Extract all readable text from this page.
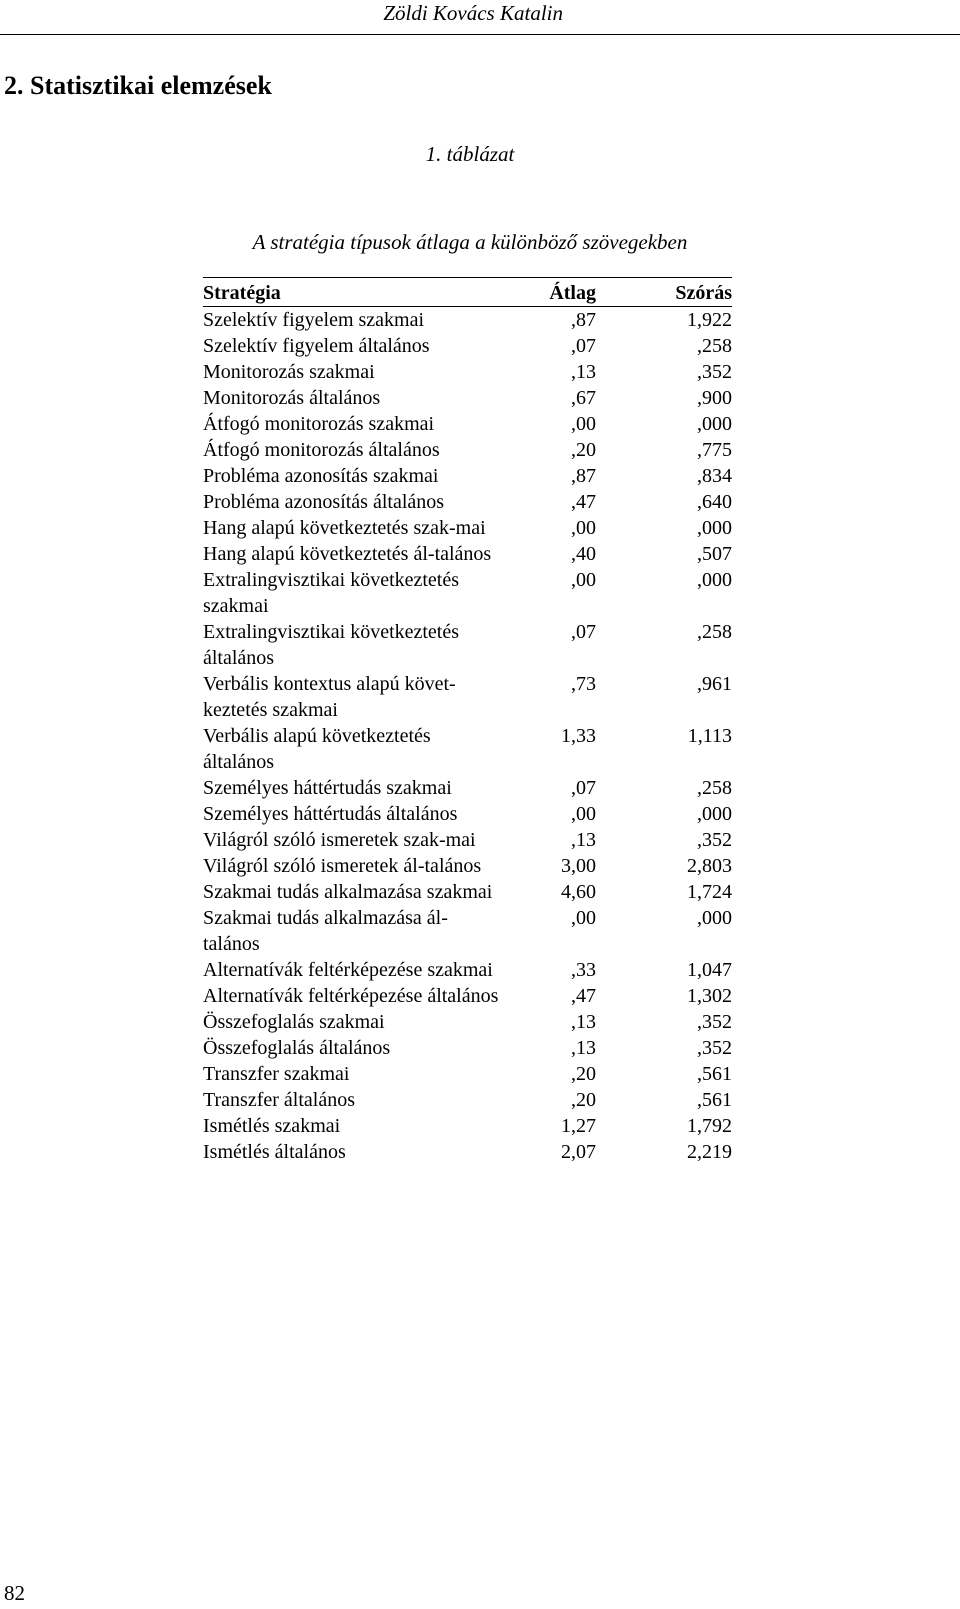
Zöldi Kovács Katalin
2. Statisztikai elemzések
1. táblázat
A stratégia típusok átlaga a különböző szövegekben
Stratégia	Átlag	Szórás
Szelektív figyelem szakmai	,87	1,922
Szelektív figyelem általános	,07	,258
Monitorozás szakmai	,13	,352
Monitorozás általános	,67	,900
Átfogó monitorozás szakmai	,00	,000
Átfogó monitorozás általános	,20	,775
Probléma azonosítás szakmai	,87	,834
Probléma azonosítás általános	,47	,640
Hang alapú következtetés szak-mai	,00	,000
Hang alapú következtetés ál-talános	,40	,507
Extralingvisztikai következtetés szakmai	,00	,000
Extralingvisztikai következtetés általános	,07	,258
Verbális kontextus alapú követ-keztetés szakmai	,73	,961
Verbális alapú következtetés általános	1,33	1,113
Személyes háttértudás szakmai	,07	,258
Személyes háttértudás általános	,00	,000
Világról szóló ismeretek szak-mai	,13	,352
Világról szóló ismeretek ál-talános	3,00	2,803
Szakmai tudás alkalmazása szakmai	4,60	1,724
Szakmai tudás alkalmazása ál-talános	,00	,000
Alternatívák feltérképezése szakmai	,33	1,047
Alternatívák feltérképezése általános	,47	1,302
Összefoglalás szakmai	,13	,352
Összefoglalás általános	,13	,352
Transzfer szakmai	,20	,561
Transzfer általános	,20	,561
Ismétlés szakmai	1,27	1,792
Ismétlés általános	2,07	2,219
82
